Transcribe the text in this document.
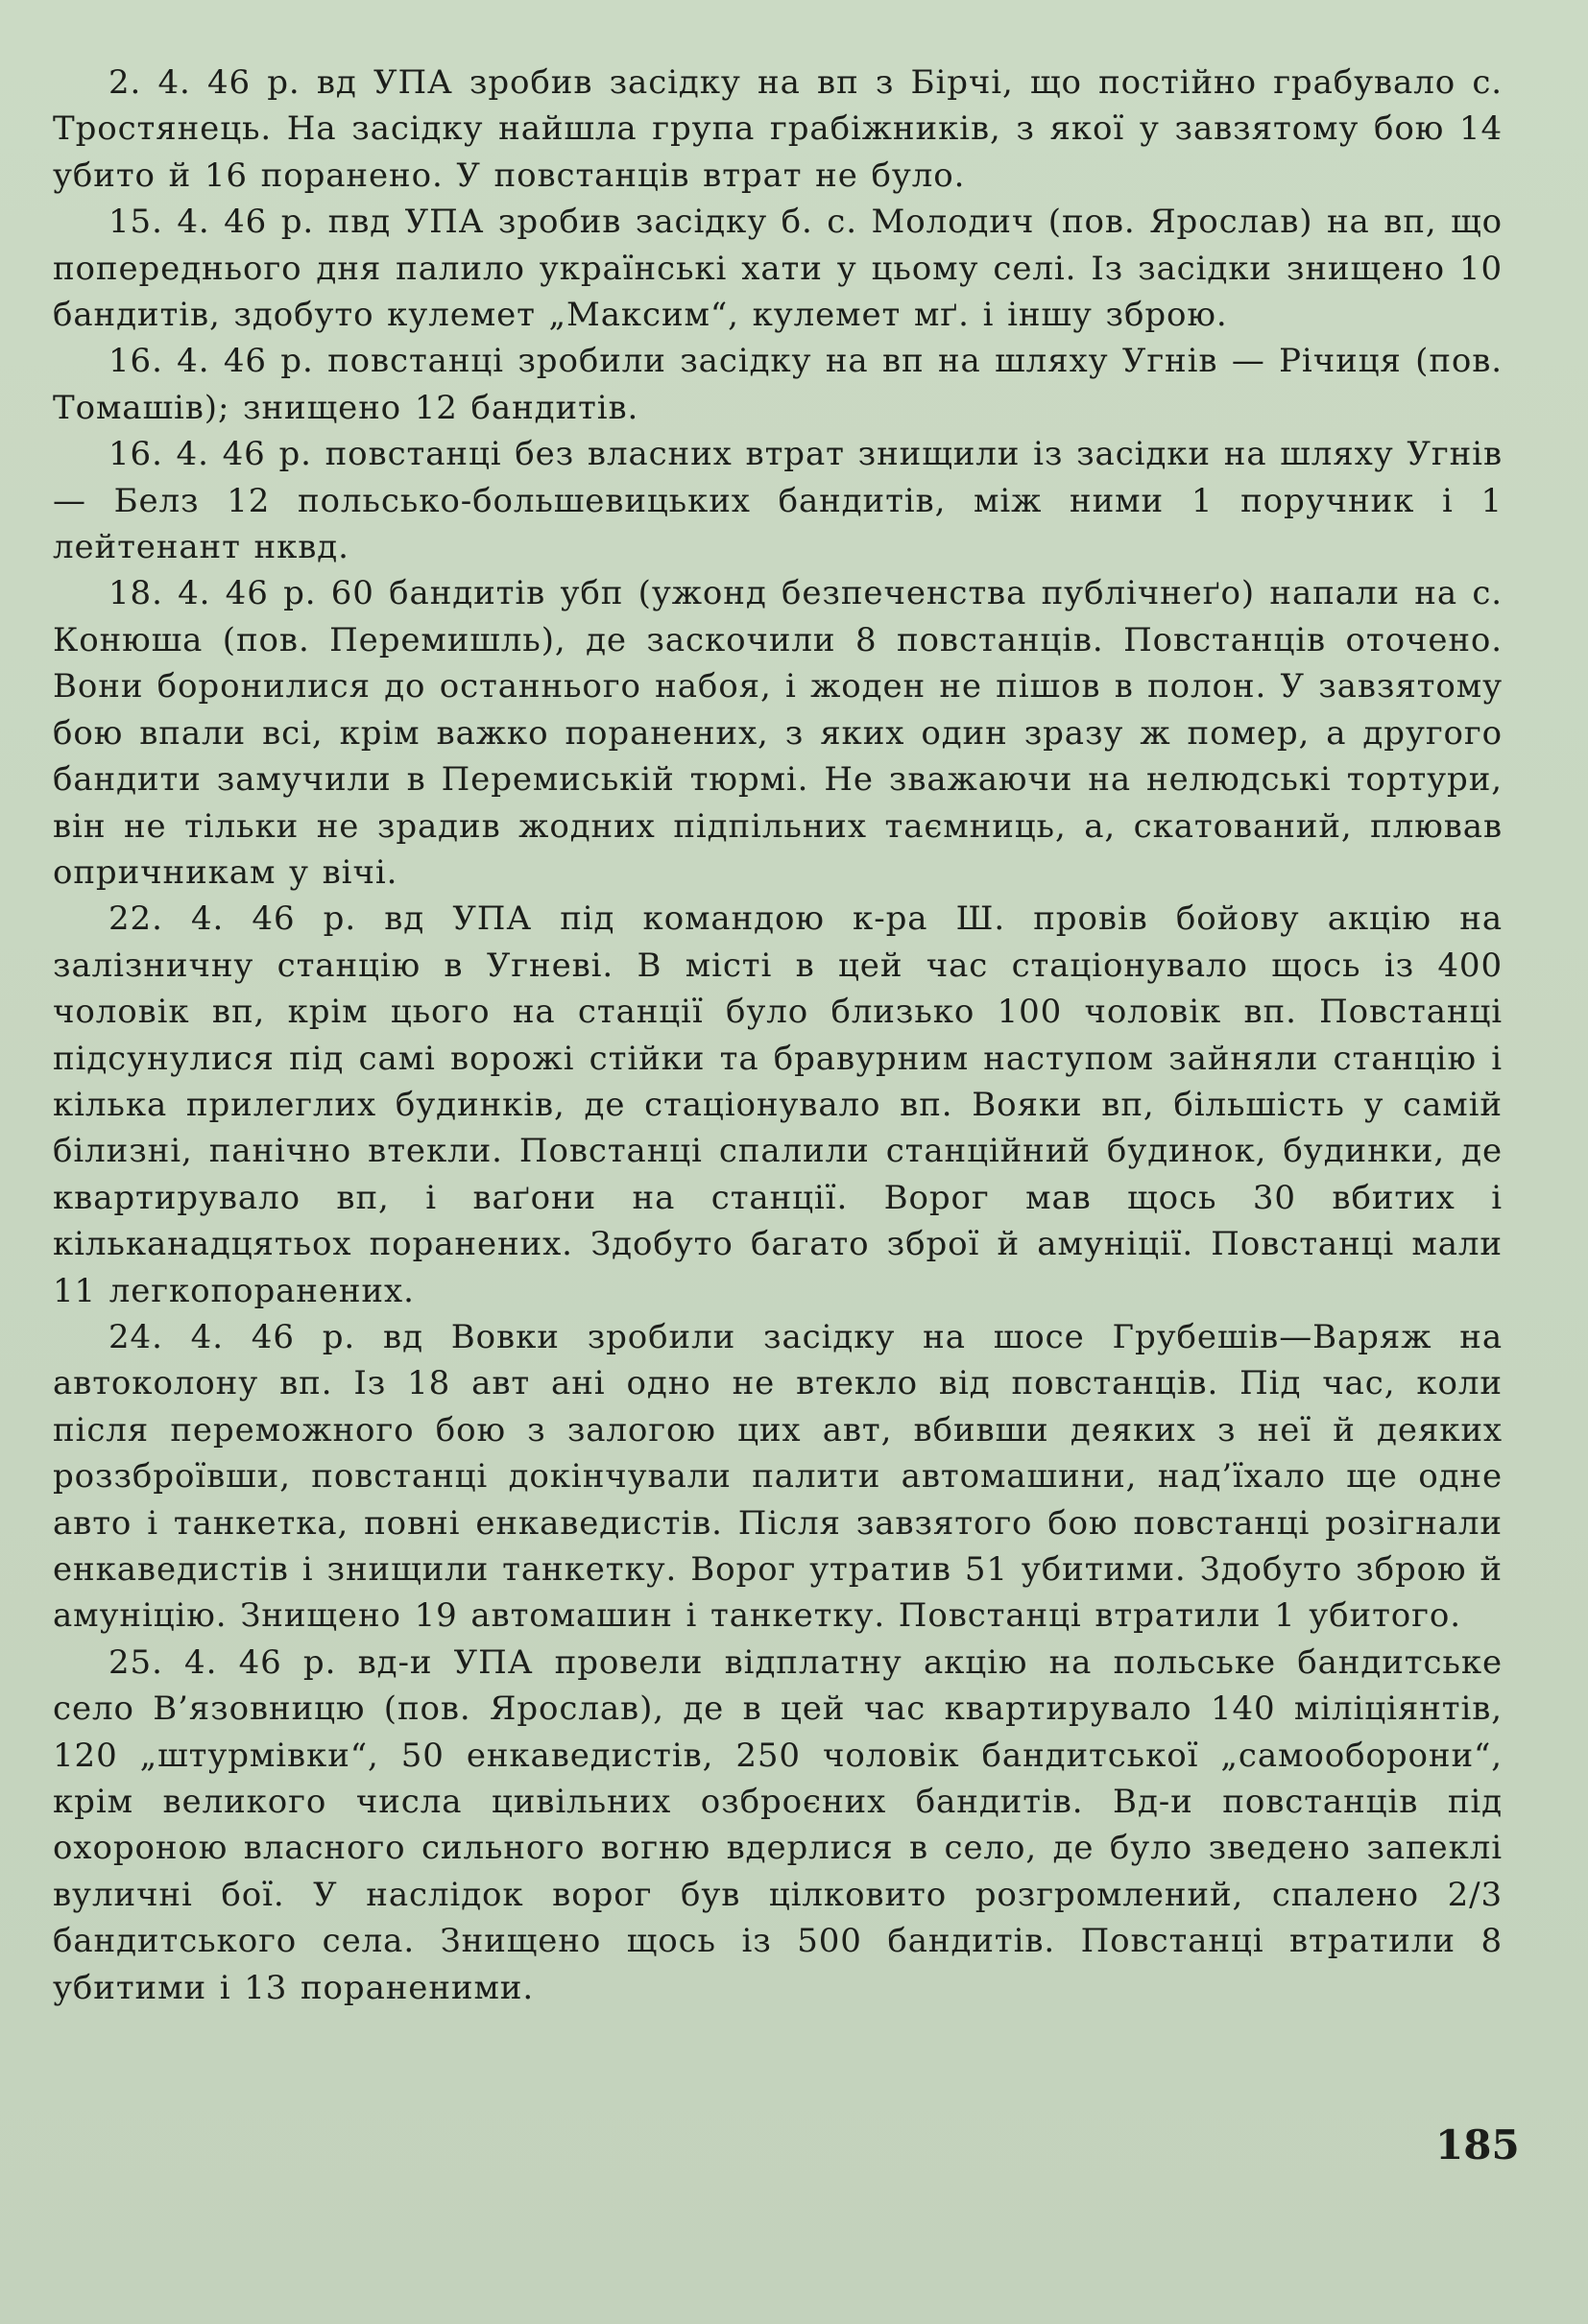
2. 4. 46 р. вд УПА зробив засідку на вп з Бірчі, що постійно грабувало с. Тростянець. На засідку найшла група грабіжників, з якої у завзятому бою 14 убито й 16 поранено. У повстанців втрат не було.

15. 4. 46 р. пвд УПА зробив засідку б. с. Молодич (пов. Ярослав) на вп, що попереднього дня палило українські хати у цьому селі. Із засідки знищено 10 бандитів, здобуто кулемет „Максим“, кулемет мґ. і іншу зброю.

16. 4. 46 р. повстанці зробили засідку на вп на шляху Угнів — Річиця (пов. Томашів); знищено 12 бандитів.

16. 4. 46 р. повстанці без власних втрат знищили із засідки на шляху Угнів — Белз 12 польсько-большевицьких бандитів, між ними 1 поручник і 1 лейтенант нквд.

18. 4. 46 р. 60 бандитів убп (ужонд безпеченства публічнеґо) напали на с. Конюша (пов. Перемишль), де заскочили 8 повстанців. Повстанців оточено. Вони боронилися до останнього набоя, і жоден не пішов в полон. У завзятому бою впали всі, крім важко поранених, з яких один зразу ж помер, а другого бандити замучили в Перемиській тюрмі. Не зважаючи на нелюдські тортури, він не тільки не зрадив жодних підпільних таємниць, а, скатований, плював опричникам у вічі.

22. 4. 46 р. вд УПА під командою к-ра Ш. провів бойову акцію на залізничну станцію в Угневі. В місті в цей час стаціонувало щось із 400 чоловік вп, крім цього на станції було близько 100 чоловік вп. Повстанці підсунулися під самі ворожі стійки та бравурним наступом зайняли станцію і кілька прилеглих будинків, де стаціонувало вп. Вояки вп, більшість у самій білизні, панічно втекли. Повстанці спалили станційний будинок, будинки, де квартирувало вп, і ваґони на станції. Ворог мав щось 30 вбитих і кільканадцятьох поранених. Здобуто багато зброї й амуніції. Повстанці мали 11 легкопоранених.

24. 4. 46 р. вд Вовки зробили засідку на шосе Грубешів—Варяж на автоколону вп. Із 18 авт ані одно не втекло від повстанців. Під час, коли після переможного бою з залогою цих авт, вбивши деяких з неї й деяких роззброївши, повстанці докінчували палити автомашини, над’їхало ще одне авто і танкетка, повні енкаведистів. Після завзятого бою повстанці розігнали енкаведистів і знищили танкетку. Ворог утратив 51 убитими. Здобуто зброю й амуніцію. Знищено 19 автомашин і танкетку. Повстанці втратили 1 убитого.

25. 4. 46 р. вд-и УПА провели відплатну акцію на польське бандитське село В’язовницю (пов. Ярослав), де в цей час квартирувало 140 міліціянтів, 120 „штурмівки“, 50 енкаведистів, 250 чоловік бандитської „самооборони“, крім великого числа цивільних озброєних бандитів. Вд-и повстанців під охороною власного сильного вогню вдерлися в село, де було зведено запеклі вуличні бої. У наслідок ворог був цілковито розгромлений, спалено 2/3 бандитського села. Знищено щось із 500 бандитів. Повстанці втратили 8 убитими і 13 пораненими.

185
